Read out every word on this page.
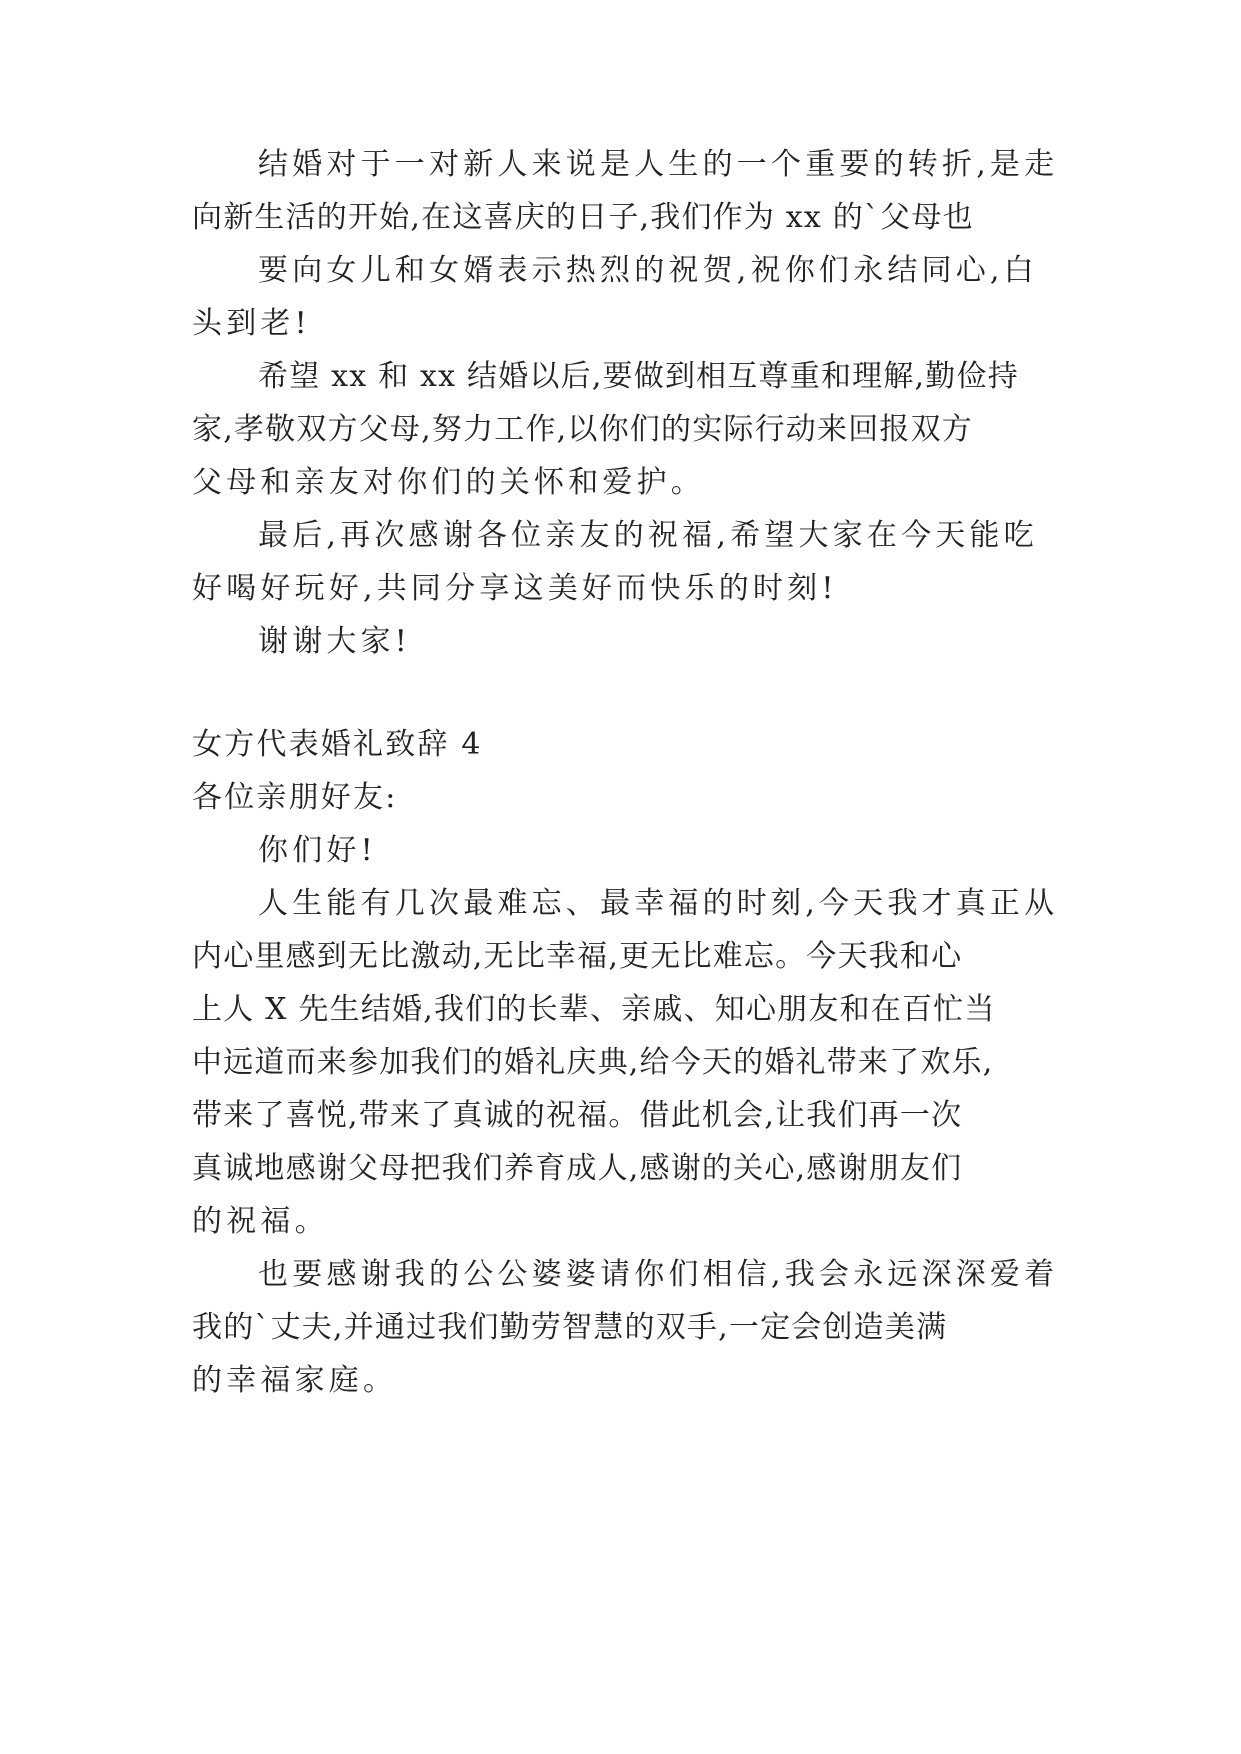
结婚对于一对新人来说是人生的一个重要的转折,是走
向新生活的开始,在这喜庆的日子,我们作为 xx 的`父母也
要向女儿和女婿表示热烈的祝贺,祝你们永结同心,白
头到老!
希望 xx 和 xx 结婚以后,要做到相互尊重和理解,勤俭持
家,孝敬双方父母,努力工作,以你们的实际行动来回报双方
父母和亲友对你们的关怀和爱护。
最后,再次感谢各位亲友的祝福,希望大家在今天能吃
好喝好玩好,共同分享这美好而快乐的时刻!
谢谢大家!
女方代表婚礼致辞 4
各位亲朋好友:
你们好!
人生能有几次最难忘、最幸福的时刻,今天我才真正从
内心里感到无比激动,无比幸福,更无比难忘。今天我和心
上人 X 先生结婚,我们的长辈、亲戚、知心朋友和在百忙当
中远道而来参加我们的婚礼庆典,给今天的婚礼带来了欢乐,
带来了喜悦,带来了真诚的祝福。借此机会,让我们再一次
真诚地感谢父母把我们养育成人,感谢的关心,感谢朋友们
的祝福。
也要感谢我的公公婆婆请你们相信,我会永远深深爱着
我的`丈夫,并通过我们勤劳智慧的双手,一定会创造美满
的幸福家庭。
